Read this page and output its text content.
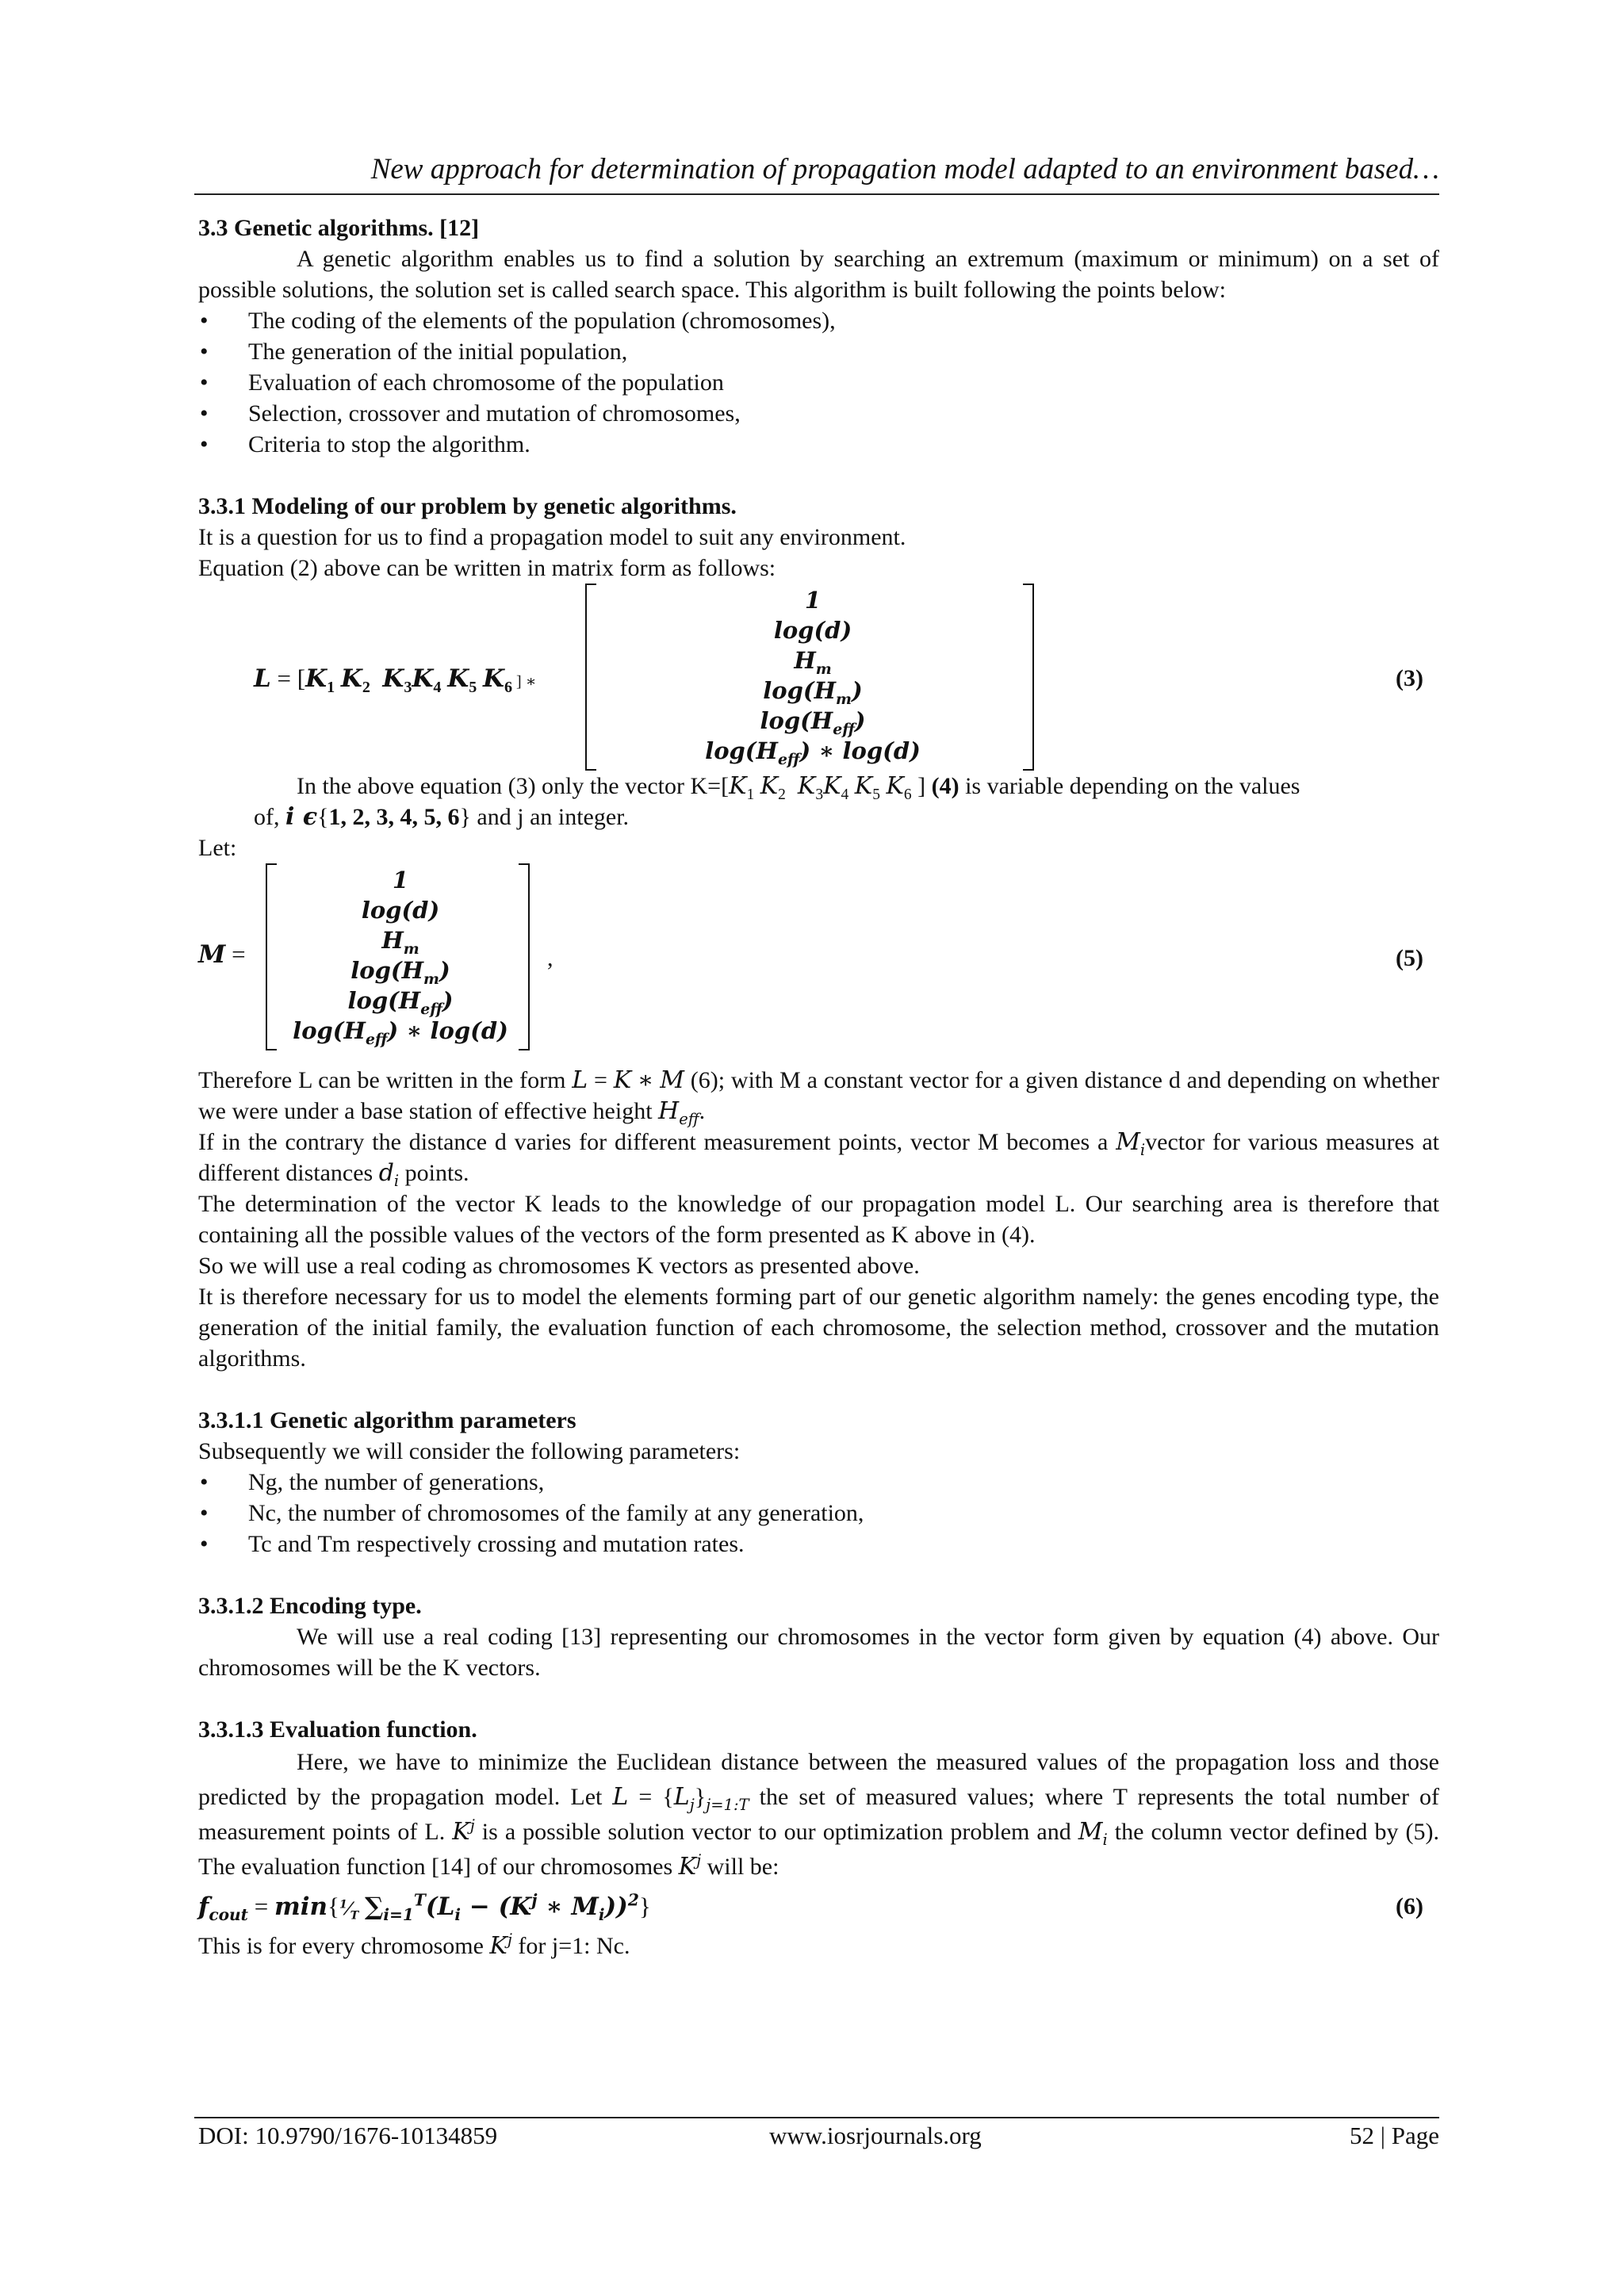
New approach for determination of propagation model adapted to an environment based…

3.3 Genetic algorithms. [12]

A genetic algorithm enables us to find a solution by searching an extremum (maximum or minimum) on a set of possible solutions, the solution set is called search space. This algorithm is built following the points below:

• The coding of the elements of the population (chromosomes),
• The generation of the initial population,
• Evaluation of each chromosome of the population
• Selection, crossover and mutation of chromosomes,
• Criteria to stop the algorithm.

3.3.1 Modeling of our problem by genetic algorithms.

It is a question for us to find a propagation model to suit any environment.

Equation (2) above can be written in matrix form as follows:

$L = [K_1$ $K_2$ $K_3K_4$ $K_5$ $K_6$ ] ∗
1
log(d)
$H_m$
$\log(H_m)$
$\log(H_{eff})$
$\log(H_{eff})$ ∗ log(d)
(3)

In the above equation (3) only the vector $K=[K_1$ $K_2$ $K_3K_4$ $K_5$ $K_6$ ] (4) is variable depending on the values

of, i ϵ{1, 2, 3, 4, 5, 6} and j an integer.

Let:

M =
1
log(d)
$H_m$
$\log(H_m)$
$\log(H_{eff})$
$\log(H_{eff})$ ∗ log(d)
,	(5)

Therefore L can be written in the form L = K ∗ M (6); with M a constant vector for a given distance d and depending on whether we were under a base station of effective height $H_{eff}$.

If in the contrary the distance d varies for different measurement points, vector M becomes a $M_ivector$ for various measures at different distances $d_i$ points.

The determination of the vector K leads to the knowledge of our propagation model L. Our searching area is therefore that containing all the possible values of the vectors of the form presented as K above in (4).

So we will use a real coding as chromosomes K vectors as presented above.

It is therefore necessary for us to model the elements forming part of our genetic algorithm namely: the genes encoding type, the generation of the initial family, the evaluation function of each chromosome, the selection method, crossover and the mutation algorithms.

3.3.1.1 Genetic algorithm parameters

Subsequently we will consider the following parameters:

• Ng, the number of generations,
• Nc, the number of chromosomes of the family at any generation,
• Tc and Tm respectively crossing and mutation rates.

3.3.1.2 Encoding type.

We will use a real coding [13] representing our chromosomes in the vector form given by equation (4) above. Our chromosomes will be the K vectors.

3.3.1.3 Evaluation function.

Here, we have to minimize the Euclidean distance between the measured values of the propagation loss and those predicted by the propagation model. Let $L = \{L_j\}_{j=1:T}$ the set of measured values; where T represents the total number of measurement points of L. $K^j$ is a possible solution vector to our optimization problem and $M_i$ the column vector defined by (5). The evaluation function [14] of our chromosomes $K^j$ will be:

$f_{cout}$ = $\min\{^1⁄_T$ $\sum_{i=1}^T(L_i - (K^j$ ∗ $M_i))^2$}	(6)

This is for every chromosome $K^j$ for j=1: Nc.

DOI: 10.9790/1676-10134859	www.iosrjournals.org	52 | Page
